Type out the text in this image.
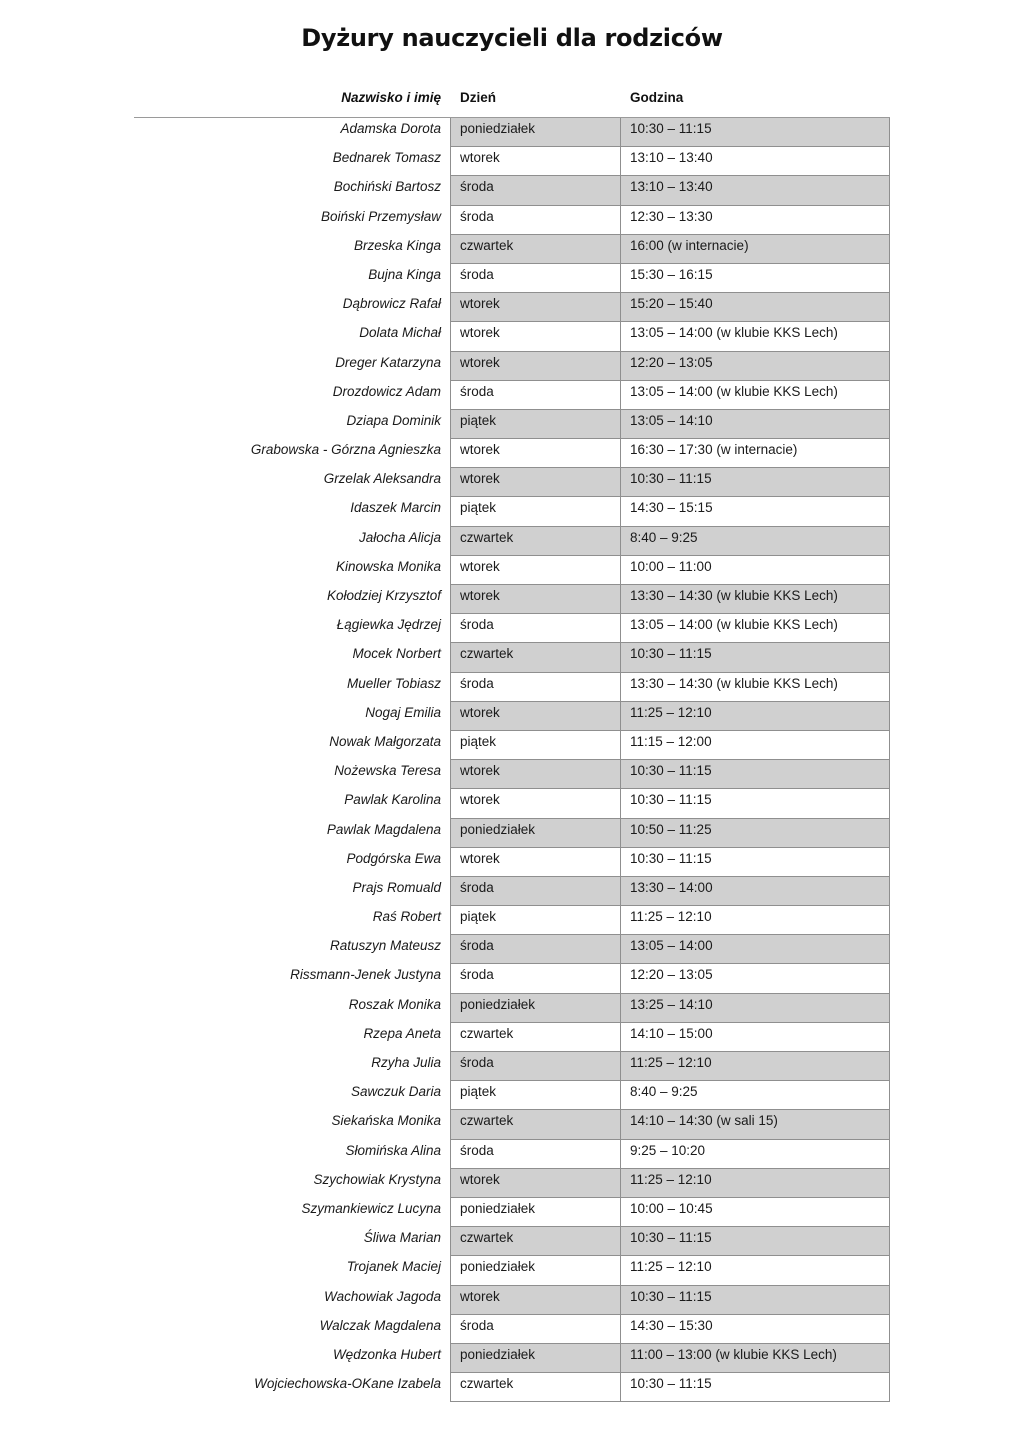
Dyżury nauczycieli dla rodziców
Nazwisko i imię Dzień	Godzina
Adamska Dorota	poniedziałek	10:30 – 11:15
Bednarek Tomasz	wtorek	13:10 – 13:40
Bochiński Bartosz	środa	13:10 – 13:40
Boiński Przemysław	środa	12:30 – 13:30
Brzeska Kinga	czwartek	16:00 (w internacie)
Bujna Kinga	środa	15:30 – 16:15
Dąbrowicz Rafał	wtorek	15:20 – 15:40
Dolata Michał	wtorek	13:05 – 14:00 (w klubie KKS Lech)
Dreger Katarzyna	wtorek	12:20 – 13:05
Drozdowicz Adam	środa	13:05 – 14:00 (w klubie KKS Lech)
Dziapa Dominik	piątek	13:05 – 14:10
Grabowska - Górzna Agnieszka	wtorek	16:30 – 17:30 (w internacie)
Grzelak Aleksandra	wtorek	10:30 – 11:15
Idaszek Marcin	piątek	14:30 – 15:15
Jałocha Alicja	czwartek	8:40 – 9:25
Kinowska Monika	wtorek	10:00 – 11:00
Kołodziej Krzysztof	wtorek	13:30 – 14:30 (w klubie KKS Lech)
Łągiewka Jędrzej	środa	13:05 – 14:00 (w klubie KKS Lech)
Mocek Norbert	czwartek	10:30 – 11:15
Mueller Tobiasz	środa	13:30 – 14:30 (w klubie KKS Lech)
Nogaj Emilia	wtorek	11:25 – 12:10
Nowak Małgorzata	piątek	11:15 – 12:00
Nożewska Teresa	wtorek	10:30 – 11:15
Pawlak Karolina	wtorek	10:30 – 11:15
Pawlak Magdalena	poniedziałek	10:50 – 11:25
Podgórska Ewa	wtorek	10:30 – 11:15
Prajs Romuald	środa	13:30 – 14:00
Raś Robert	piątek	11:25 – 12:10
Ratuszyn Mateusz	środa	13:05 – 14:00
Rissmann-Jenek Justyna	środa	12:20 – 13:05
Roszak Monika	poniedziałek	13:25 – 14:10
Rzepa Aneta	czwartek	14:10 – 15:00
Rzyha Julia	środa	11:25 – 12:10
Sawczuk Daria	piątek	8:40 – 9:25
Siekańska Monika	czwartek	14:10 – 14:30 (w sali 15)
Słomińska Alina	środa	9:25 – 10:20
Szychowiak Krystyna	wtorek	11:25 – 12:10
Szymankiewicz Lucyna	poniedziałek	10:00 – 10:45
Śliwa Marian	czwartek	10:30 – 11:15
Trojanek Maciej	poniedziałek	11:25 – 12:10
Wachowiak Jagoda	wtorek	10:30 – 11:15
Walczak Magdalena	środa	14:30 – 15:30
Wędzonka Hubert	poniedziałek	11:00 – 13:00 (w klubie KKS Lech)
Wojciechowska-OKane Izabela	czwartek	10:30 – 11:15
